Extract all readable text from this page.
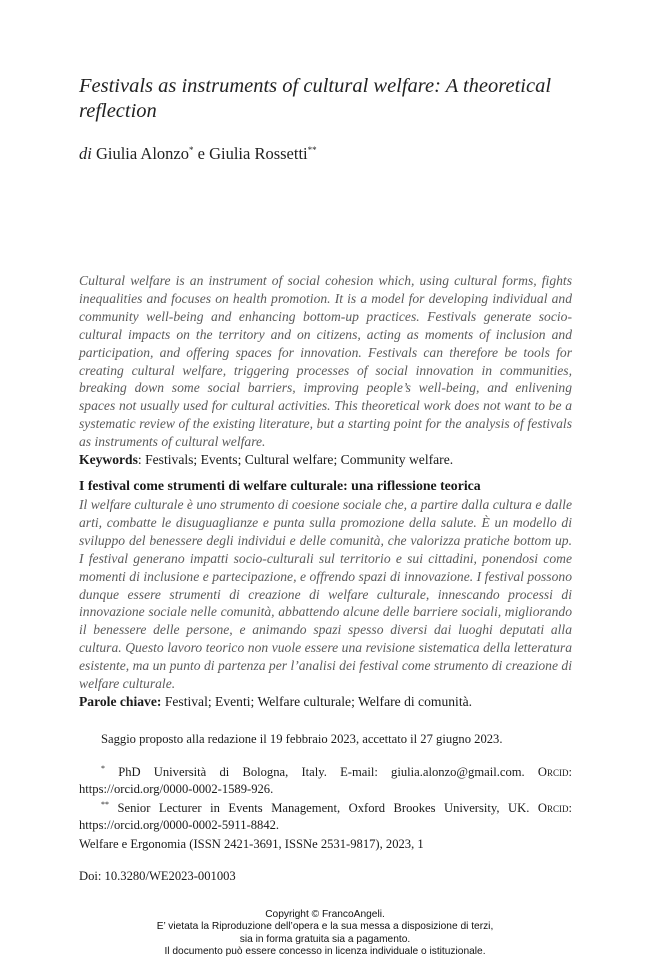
Festivals as instruments of cultural welfare: A theoretical reflection
di Giulia Alonzo* e Giulia Rossetti**
Cultural welfare is an instrument of social cohesion which, using cultural forms, fights inequalities and focuses on health promotion. It is a model for developing individual and community well-being and enhancing bottom-up practices. Festivals generate socio-cultural impacts on the territory and on citizens, acting as moments of inclusion and participation, and offering spaces for innovation. Festivals can therefore be tools for creating cultural welfare, triggering processes of social innovation in communities, breaking down some social barriers, improving people’s well-being, and enlivening spaces not usually used for cultural activities. This theoretical work does not want to be a systematic review of the existing literature, but a starting point for the analysis of festivals as instruments of cultural welfare.
Keywords: Festivals; Events; Cultural welfare; Community welfare.
I festival come strumenti di welfare culturale: una riflessione teorica
Il welfare culturale è uno strumento di coesione sociale che, a partire dalla cultura e dalle arti, combatte le disuguaglianze e punta sulla promozione della salute. È un modello di sviluppo del benessere degli individui e delle comunità, che valorizza pratiche bottom up. I festival generano impatti socio-culturali sul territorio e sui cittadini, ponendosi come momenti di inclusione e partecipazione, e offrendo spazi di innovazione. I festival possono dunque essere strumenti di creazione di welfare culturale, innescando processi di innovazione sociale nelle comunità, abbattendo alcune delle barriere sociali, migliorando il benessere delle persone, e animando spazi spesso diversi dai luoghi deputati alla cultura. Questo lavoro teorico non vuole essere una revisione sistematica della letteratura esistente, ma un punto di partenza per l’analisi dei festival come strumento di creazione di welfare culturale.
Parole chiave: Festival; Eventi; Welfare culturale; Welfare di comunità.
Saggio proposto alla redazione il 19 febbraio 2023, accettato il 27 giugno 2023.
* PhD Università di Bologna, Italy. E-mail: giulia.alonzo@gmail.com. Orcid: https://orcid.org/0000-0002-1589-926.
** Senior Lecturer in Events Management, Oxford Brookes University, UK. Orcid: https://orcid.org/0000-0002-5911-8842.
Welfare e Ergonomia (ISSN 2421-3691, ISSNe 2531-9817), 2023, 1
Doi: 10.3280/WE2023-001003
Copyright © FrancoAngeli.
E’ vietata la Riproduzione dell’opera e la sua messa a disposizione di terzi,
sia in forma gratuita sia a pagamento.
Il documento può essere concesso in licenza individuale o istituzionale.
